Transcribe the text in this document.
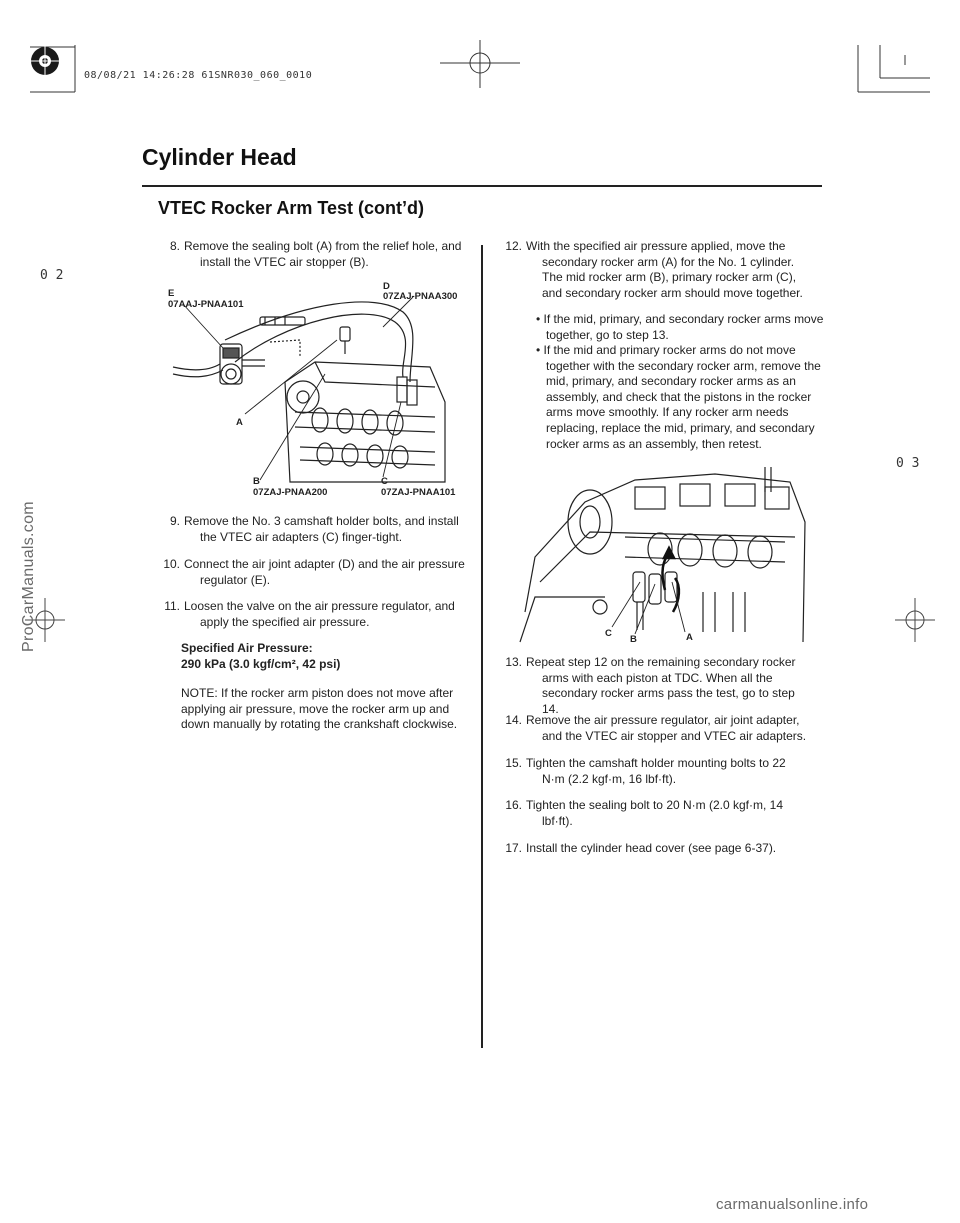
08/08/21 14:26:28 61SNR030_060_0010
0 2
0 3
Cylinder Head
VTEC Rocker Arm Test (cont’d)
8. Remove the sealing bolt (A) from the relief hole, and install the VTEC air stopper (B).
E
07AAJ-PNAA101
D
07ZAJ-PNAA300
A
B
07ZAJ-PNAA200
C
07ZAJ-PNAA101
9. Remove the No. 3 camshaft holder bolts, and install the VTEC air adapters (C) finger-tight.
10. Connect the air joint adapter (D) and the air pressure regulator (E).
11. Loosen the valve on the air pressure regulator, and apply the specified air pressure.
Specified Air Pressure:
290 kPa (3.0 kgf/cm², 42 psi)
NOTE: If the rocker arm piston does not move after applying air pressure, move the rocker arm up and down manually by rotating the crankshaft clockwise.
12. With the specified air pressure applied, move the secondary rocker arm (A) for the No. 1 cylinder. The mid rocker arm (B), primary rocker arm (C), and secondary rocker arm should move together.
• If the mid, primary, and secondary rocker arms move together, go to step 13.
• If the mid and primary rocker arms do not move together with the secondary rocker arm, remove the mid, primary, and secondary rocker arms as an assembly, and check that the pistons in the rocker arms move smoothly. If any rocker arm needs replacing, replace the mid, primary, and secondary rocker arms as an assembly, then retest.
C
B	A
13. Repeat step 12 on the remaining secondary rocker arms with each piston at TDC. When all the secondary rocker arms pass the test, go to step 14.
14. Remove the air pressure regulator, air joint adapter, and the VTEC air stopper and VTEC air adapters.
15. Tighten the camshaft holder mounting bolts to 22 N·m (2.2 kgf·m, 16 lbf·ft).
16. Tighten the sealing bolt to 20 N·m (2.0 kgf·m, 14 lbf·ft).
17. Install the cylinder head cover (see page 6-37).
ProCarManuals.com
carmanualsonline.info
